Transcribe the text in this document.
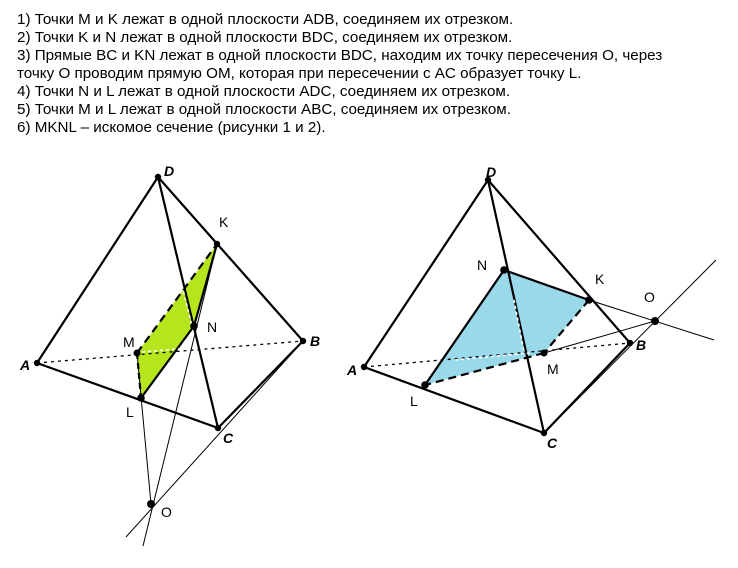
1) Точки M и K лежат в одной плоскости ADB, соединяем их отрезком.
2) Точки K и N лежат в одной плоскости BDC, соединяем их отрезком.
3) Прямые BC и KN лежат в одной плоскости BDC, находим их точку пересечения O, через
точку O проводим прямую OM, которая при пересечении с AC образует точку L.
4) Точки N и L лежат в одной плоскости ADC, соединяем их отрезком.
5) Точки M и L лежат в одной плоскости ABC, соединяем их отрезком.
6) MKNL – искомое сечение (рисунки 1 и 2).
D
A
B
C
K
N
M
L
O
D
A
B
C
N
K
M
L
O
